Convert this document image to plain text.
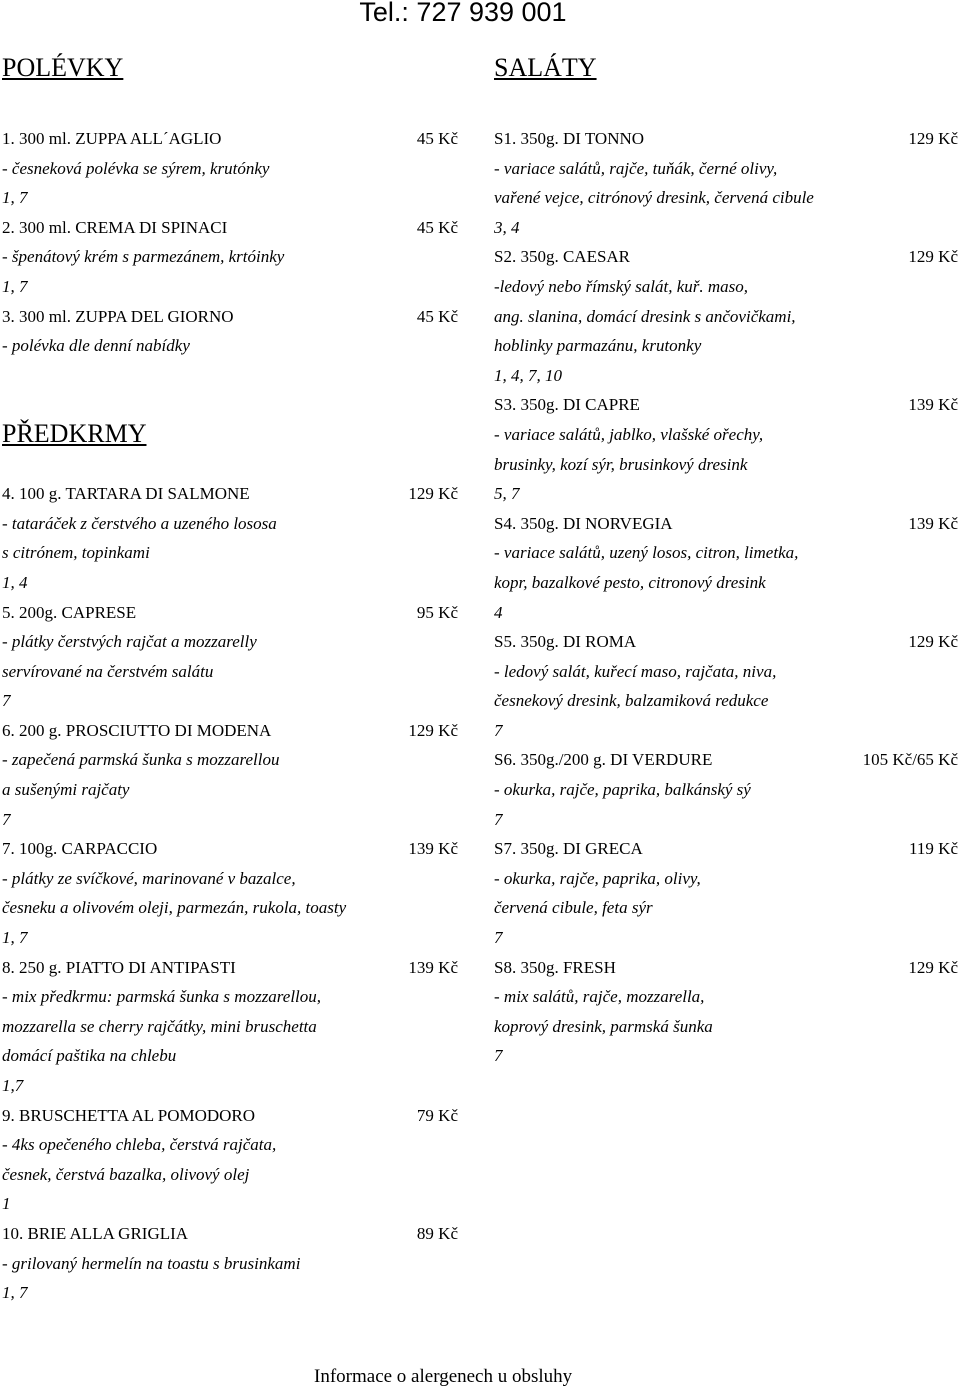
Tel.: 727 939 001
POLÉVKY	SALÁTY
1. 300 ml. ZUPPA ALL´AGLIO	45 Kč
- česneková polévka se sýrem, krutónky
1, 7
2. 300 ml. CREMA DI SPINACI	45 Kč
- špenátový krém s parmezánem, krtóinky
1, 7
3. 300 ml. ZUPPA DEL GIORNO	45 Kč
- polévka dle denní nabídky
PŘEDKRMY
4. 100 g. TARTARA DI SALMONE	129 Kč
- tataráček z čerstvého a uzeného lososa
s citrónem, topinkami
1, 4
5. 200g. CAPRESE	95 Kč
- plátky čerstvých rajčat a mozzarelly
servírované na čerstvém salátu
7
6. 200 g. PROSCIUTTO DI MODENA	129 Kč
- zapečená parmská šunka s mozzarellou
a sušenými rajčaty
7
7. 100g. CARPACCIO	139 Kč
- plátky ze svíčkové, marinované v bazalce,
česneku a olivovém oleji, parmezán, rukola, toasty
1, 7
8. 250 g. PIATTO DI ANTIPASTI	139 Kč
- mix předkrmu: parmská šunka s mozzarellou,
mozzarella se cherry rajčátky, mini bruschetta
domácí paštika na chlebu
1,7
9. BRUSCHETTA AL POMODORO	79 Kč
- 4ks opečeného chleba, čerstvá rajčata,
česnek, čerstvá bazalka, olivový olej
1
10. BRIE ALLA GRIGLIA	89 Kč
- grilovaný hermelín na toastu s brusinkami
1, 7
S1. 350g. DI TONNO	129 Kč
- variace salátů, rajče, tuňák, černé olivy,
vařené vejce, citrónový dresink, červená cibule
3, 4
S2. 350g. CAESAR	129 Kč
-ledový nebo římský salát, kuř. maso,
ang. slanina, domácí dresink s ančovičkami,
hoblinky parmazánu, krutonky
1, 4, 7, 10
S3. 350g. DI CAPRE	139 Kč
- variace salátů, jablko, vlašské ořechy,
brusinky, kozí sýr, brusinkový dresink
5, 7
S4. 350g. DI NORVEGIA	139 Kč
- variace salátů, uzený losos, citron, limetka,
kopr, bazalkové pesto, citronový dresink
4
S5. 350g. DI ROMA	129 Kč
- ledový salát, kuřecí maso, rajčata, niva,
česnekový dresink, balzamiková redukce
7
S6. 350g./200 g. DI VERDURE	105 Kč/65 Kč
- okurka, rajče, paprika, balkánský sý
7
S7. 350g. DI GRECA	119 Kč
- okurka, rajče, paprika, olivy,
červená cibule, feta sýr
7
S8. 350g. FRESH	129 Kč
- mix salátů, rajče, mozzarella,
koprový dresink, parmská šunka
7
Informace o alergenech u obsluhy
